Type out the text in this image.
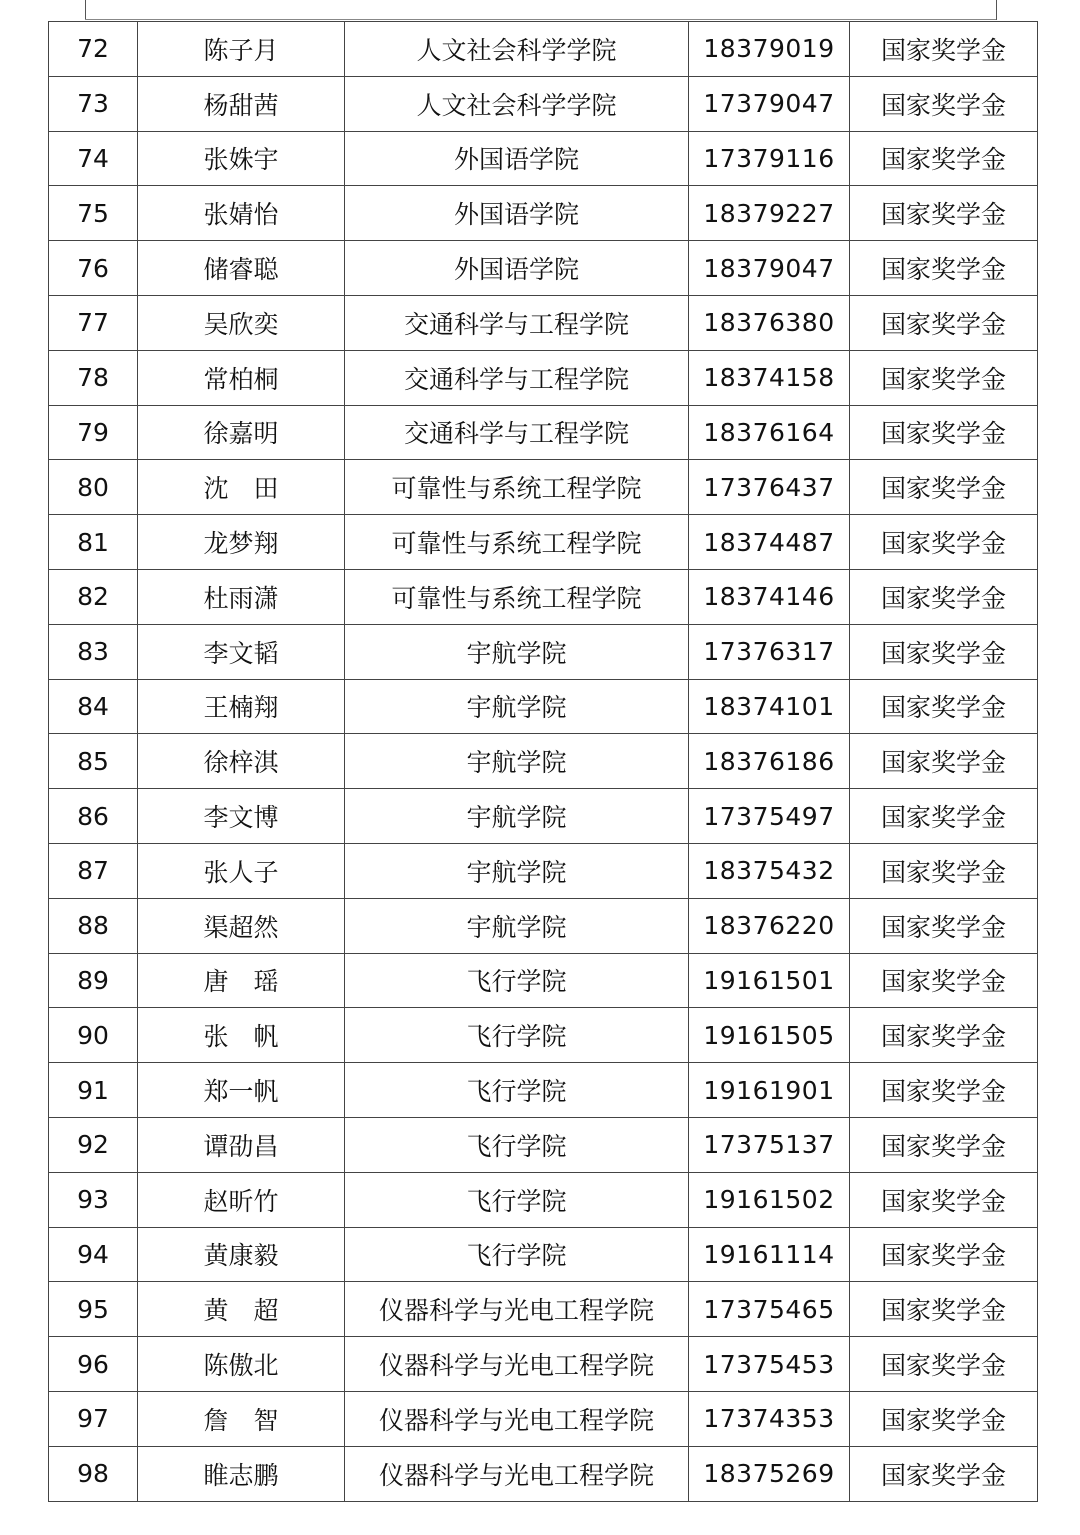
72	陈子月	人文社会科学学院	18379019	国家奖学金
73	杨甜茜	人文社会科学学院	17379047	国家奖学金
74	张姝宇	外国语学院	17379116	国家奖学金
75	张婧怡	外国语学院	18379227	国家奖学金
76	储睿聪	外国语学院	18379047	国家奖学金
77	吴欣奕	交通科学与工程学院	18376380	国家奖学金
78	常柏桐	交通科学与工程学院	18374158	国家奖学金
79	徐嘉明	交通科学与工程学院	18376164	国家奖学金
80	沈　田	可靠性与系统工程学院	17376437	国家奖学金
81	龙梦翔	可靠性与系统工程学院	18374487	国家奖学金
82	杜雨潇	可靠性与系统工程学院	18374146	国家奖学金
83	李文韬	宇航学院	17376317	国家奖学金
84	王楠翔	宇航学院	18374101	国家奖学金
85	徐梓淇	宇航学院	18376186	国家奖学金
86	李文博	宇航学院	17375497	国家奖学金
87	张人子	宇航学院	18375432	国家奖学金
88	渠超然	宇航学院	18376220	国家奖学金
89	唐　瑶	飞行学院	19161501	国家奖学金
90	张　帆	飞行学院	19161505	国家奖学金
91	郑一帆	飞行学院	19161901	国家奖学金
92	谭劭昌	飞行学院	17375137	国家奖学金
93	赵昕竹	飞行学院	19161502	国家奖学金
94	黄康毅	飞行学院	19161114	国家奖学金
95	黄　超	仪器科学与光电工程学院	17375465	国家奖学金
96	陈傲北	仪器科学与光电工程学院	17375453	国家奖学金
97	詹　智	仪器科学与光电工程学院	17374353	国家奖学金
98	睢志鹏	仪器科学与光电工程学院	18375269	国家奖学金
